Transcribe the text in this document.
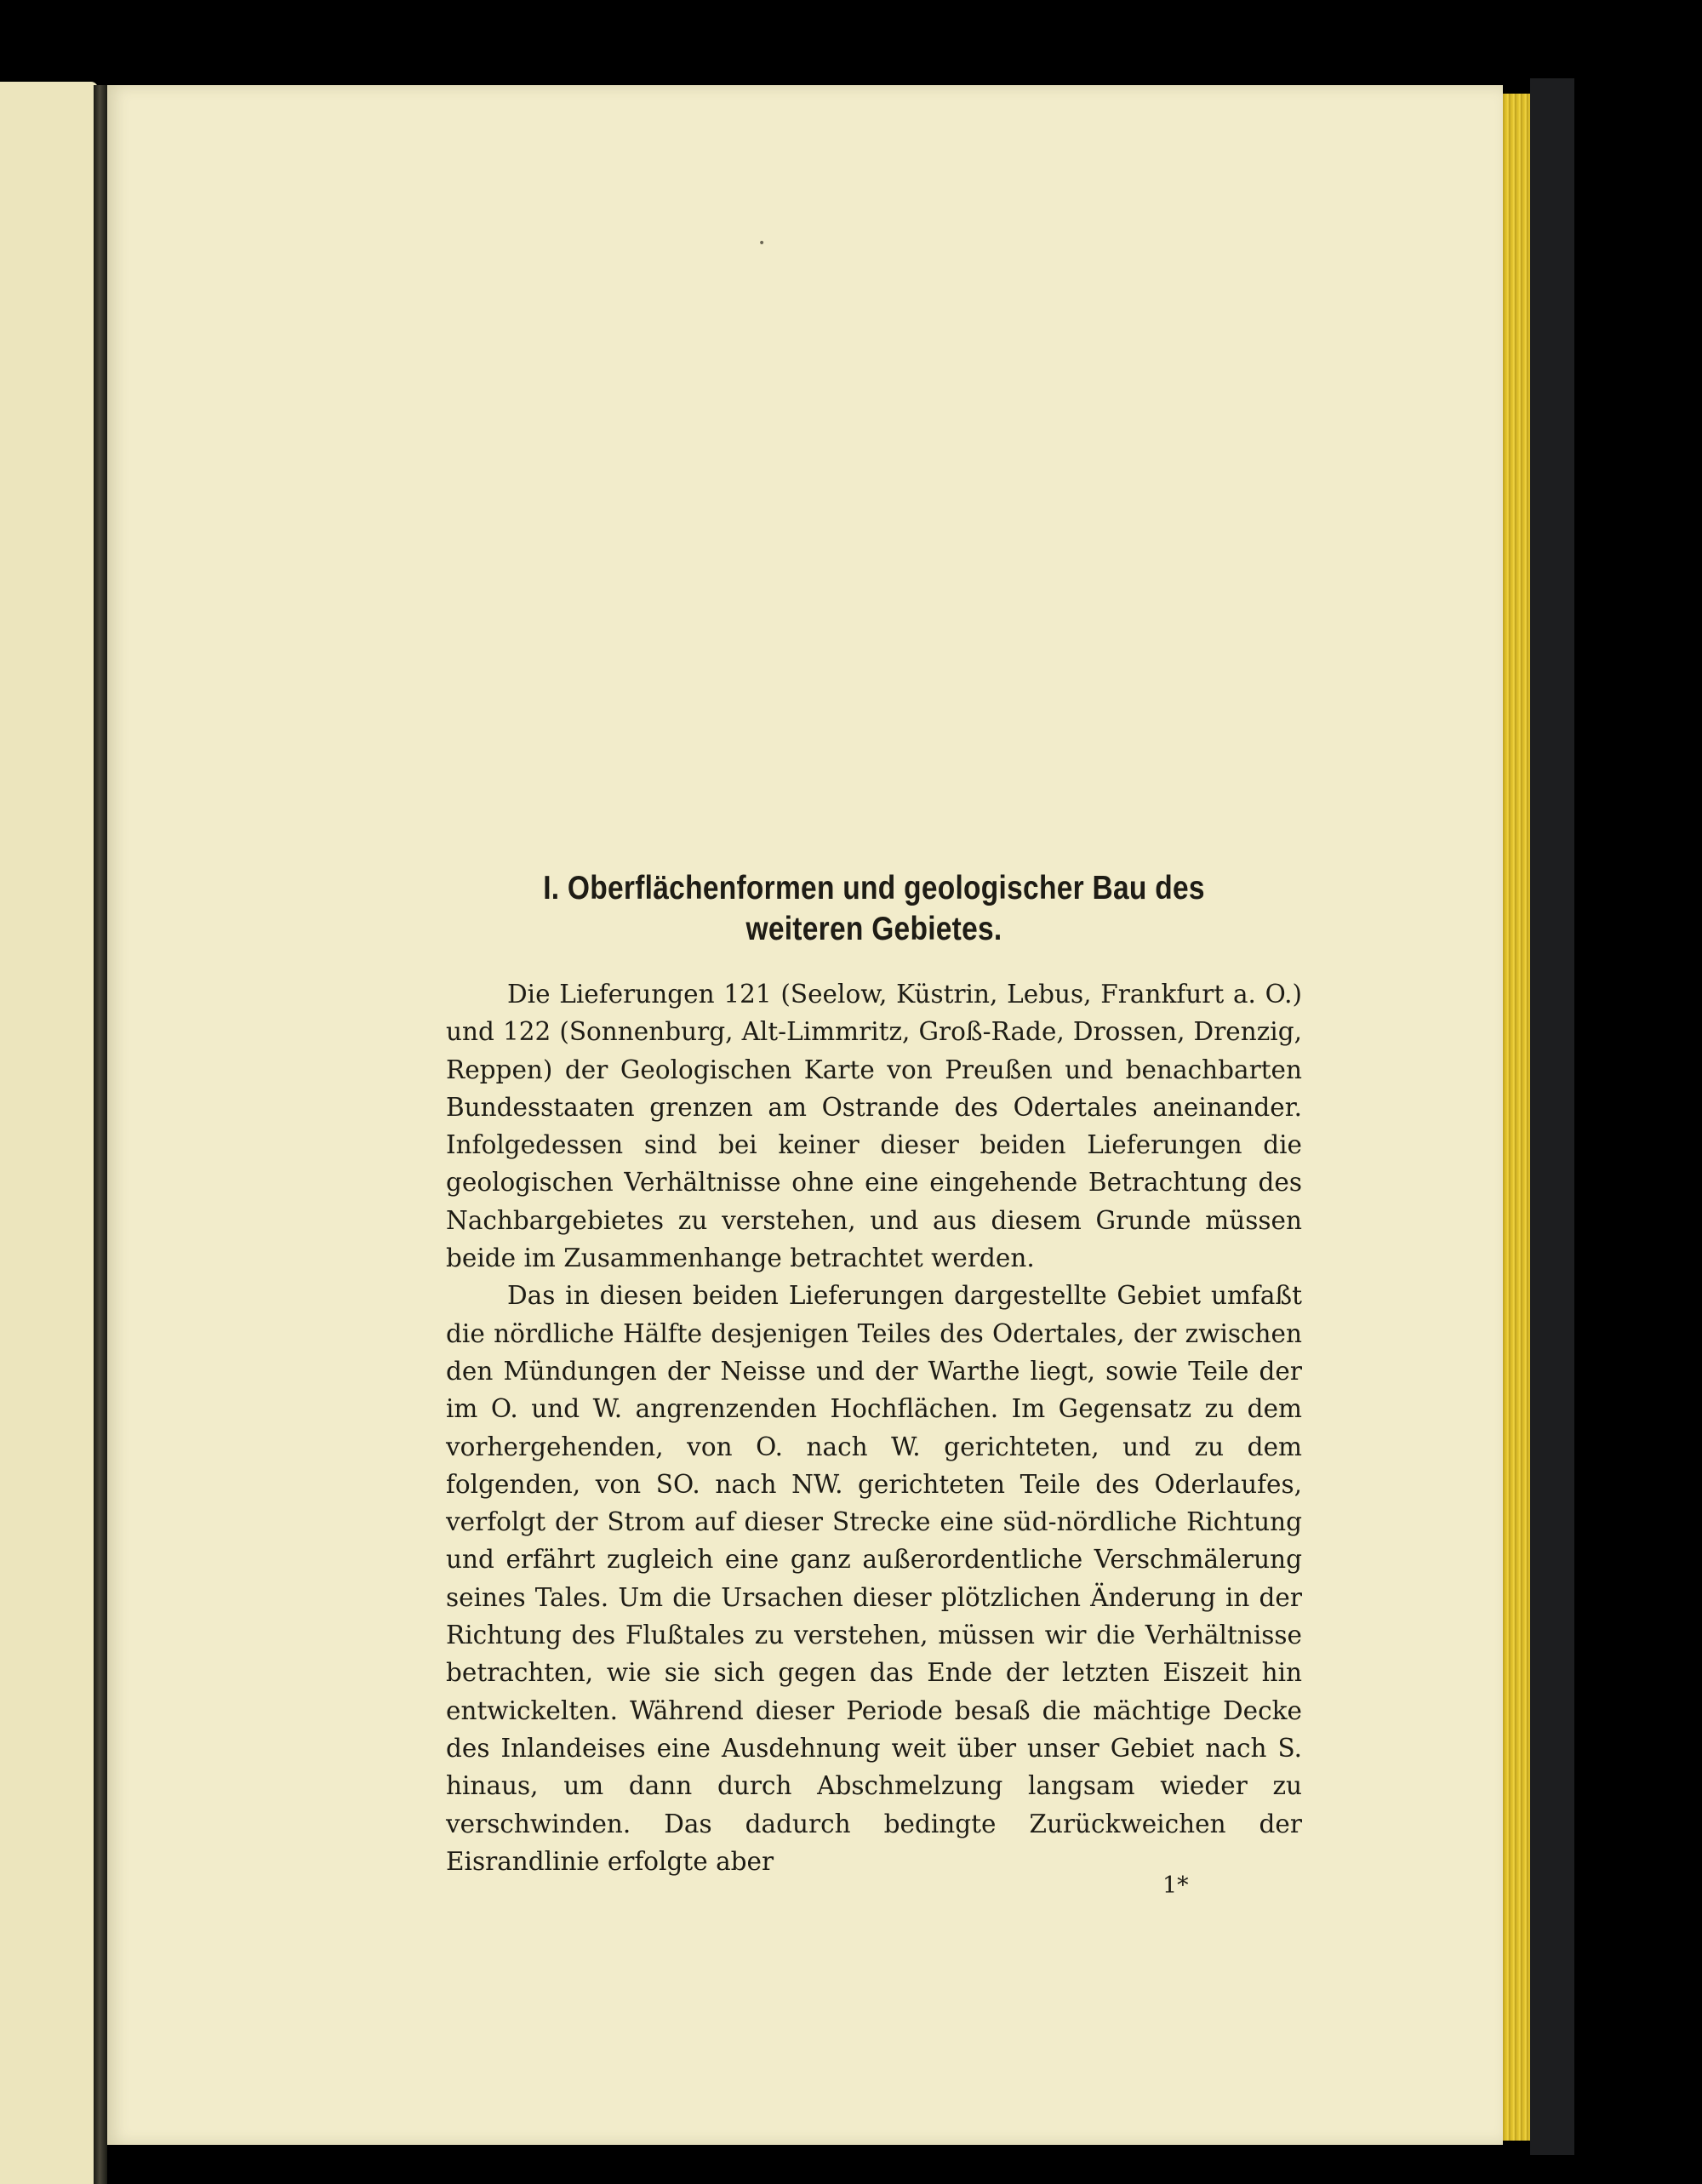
•
I. Oberflächenformen und geologischer Bau des weiteren Gebietes.

Die Lieferungen 121 (Seelow, Küstrin, Lebus, Frankfurt a. O.) und 122 (Sonnenburg, Alt-Limmritz, Groß-Rade, Drossen, Drenzig, Reppen) der Geologischen Karte von Preußen und benachbarten Bundesstaaten grenzen am Ostrande des Odertales aneinander. Infolgedessen sind bei keiner dieser beiden Lieferungen die geologischen Verhältnisse ohne eine eingehende Betrachtung des Nachbargebietes zu verstehen, und aus diesem Grunde müssen beide im Zusammenhange betrachtet werden.

Das in diesen beiden Lieferungen dargestellte Gebiet umfaßt die nördliche Hälfte desjenigen Teiles des Odertales, der zwischen den Mündungen der Neisse und der Warthe liegt, sowie Teile der im O. und W. angrenzenden Hochflächen. Im Gegensatz zu dem vorhergehenden, von O. nach W. gerichteten, und zu dem folgenden, von SO. nach NW. gerichteten Teile des Oderlaufes, verfolgt der Strom auf dieser Strecke eine süd-nördliche Richtung und erfährt zugleich eine ganz außerordentliche Verschmälerung seines Tales. Um die Ursachen dieser plötzlichen Änderung in der Richtung des Flußtales zu verstehen, müssen wir die Verhältnisse betrachten, wie sie sich gegen das Ende der letzten Eiszeit hin entwickelten. Während dieser Periode besaß die mächtige Decke des Inlandeises eine Ausdehnung weit über unser Gebiet nach S. hinaus, um dann durch Abschmelzung langsam wieder zu verschwinden. Das dadurch bedingte Zurückweichen der Eisrandlinie erfolgte aber

1*
